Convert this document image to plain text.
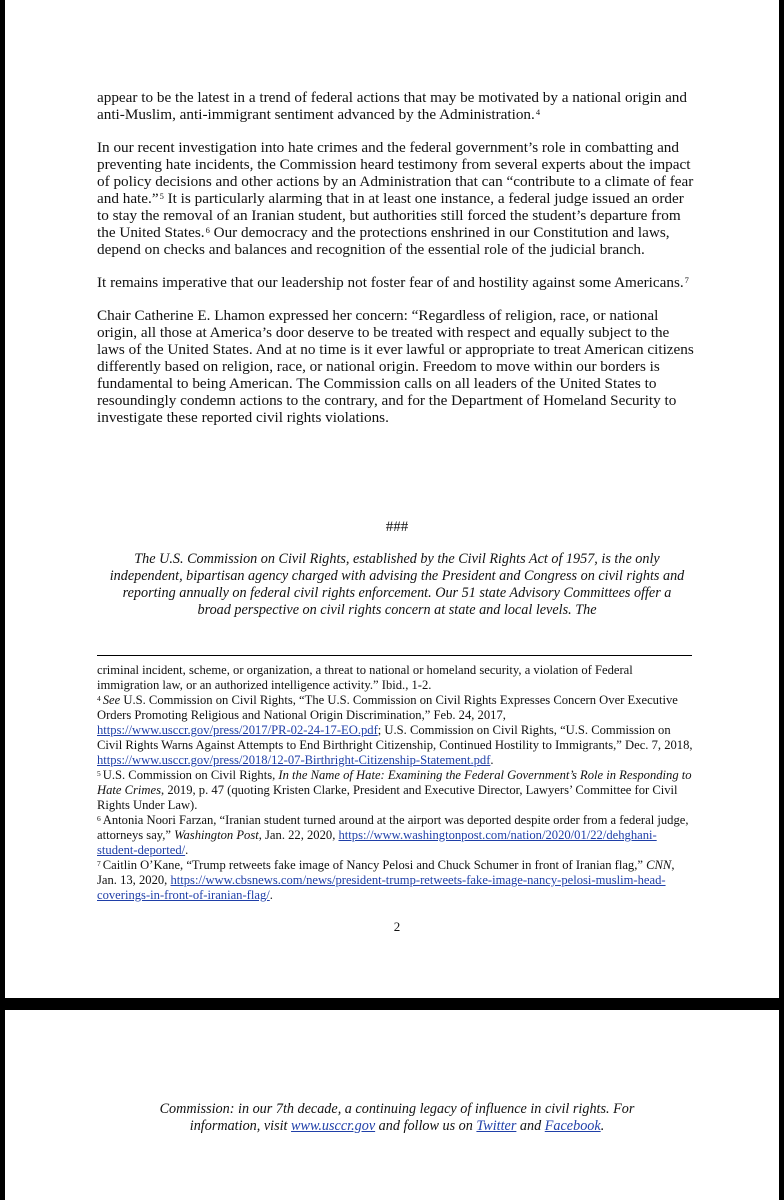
appear to be the latest in a trend of federal actions that may be motivated by a national origin and anti-Muslim, anti-immigrant sentiment advanced by the Administration.$^4$

In our recent investigation into hate crimes and the federal government’s role in combatting and preventing hate incidents, the Commission heard testimony from several experts about the impact of policy decisions and other actions by an Administration that can “contribute to a climate of fear and hate.”$^5$ It is particularly alarming that in at least one instance, a federal judge issued an order to stay the removal of an Iranian student, but authorities still forced the student’s departure from the United States.$^6$ Our democracy and the protections enshrined in our Constitution and laws, depend on checks and balances and recognition of the essential role of the judicial branch.

It remains imperative that our leadership not foster fear of and hostility against some Americans.$^7$

Chair Catherine E. Lhamon expressed her concern: “Regardless of religion, race, or national origin, all those at America’s door deserve to be treated with respect and equally subject to the laws of the United States. And at no time is it ever lawful or appropriate to treat American citizens differently based on religion, race, or national origin. Freedom to move within our borders is fundamental to being American. The Commission calls on all leaders of the United States to resoundingly condemn actions to the contrary, and for the Department of Homeland Security to investigate these reported civil rights violations.

###
The U.S. Commission on Civil Rights, established by the Civil Rights Act of 1957, is the only independent, bipartisan agency charged with advising the President and Congress on civil rights and reporting annually on federal civil rights enforcement. Our 51 state Advisory Committees offer a broad perspective on civil rights concern at state and local levels. The

criminal incident, scheme, or organization, a threat to national or homeland security, a violation of Federal immigration law, or an authorized intelligence activity.” Ibid., 1-2.

$^4$ See U.S. Commission on Civil Rights, “The U.S. Commission on Civil Rights Expresses Concern Over Executive Orders Promoting Religious and National Origin Discrimination,” Feb. 24, 2017, https://www.usccr.gov/press/2017/PR-02-24-17-EO.pdf; U.S. Commission on Civil Rights, “U.S. Commission on Civil Rights Warns Against Attempts to End Birthright Citizenship, Continued Hostility to Immigrants,” Dec. 7, 2018, https://www.usccr.gov/press/2018/12-07-Birthright-Citizenship-Statement.pdf.

$^5$ U.S. Commission on Civil Rights, In the Name of Hate: Examining the Federal Government’s Role in Responding to Hate Crimes, 2019, p. 47 (quoting Kristen Clarke, President and Executive Director, Lawyers’ Committee for Civil Rights Under Law).

$^6$ Antonia Noori Farzan, “Iranian student turned around at the airport was deported despite order from a federal judge, attorneys say,” Washington Post, Jan. 22, 2020, https://www.washingtonpost.com/nation/2020/01/22/dehghani-student-deported/.

$^7$ Caitlin O’Kane, “Trump retweets fake image of Nancy Pelosi and Chuck Schumer in front of Iranian flag,” CNN, Jan. 13, 2020, https://www.cbsnews.com/news/president-trump-retweets-fake-image-nancy-pelosi-muslim-head-coverings-in-front-of-iranian-flag/.

2
Commission: in our 7th decade, a continuing legacy of influence in civil rights. For information, visit www.usccr.gov and follow us on Twitter and Facebook.
